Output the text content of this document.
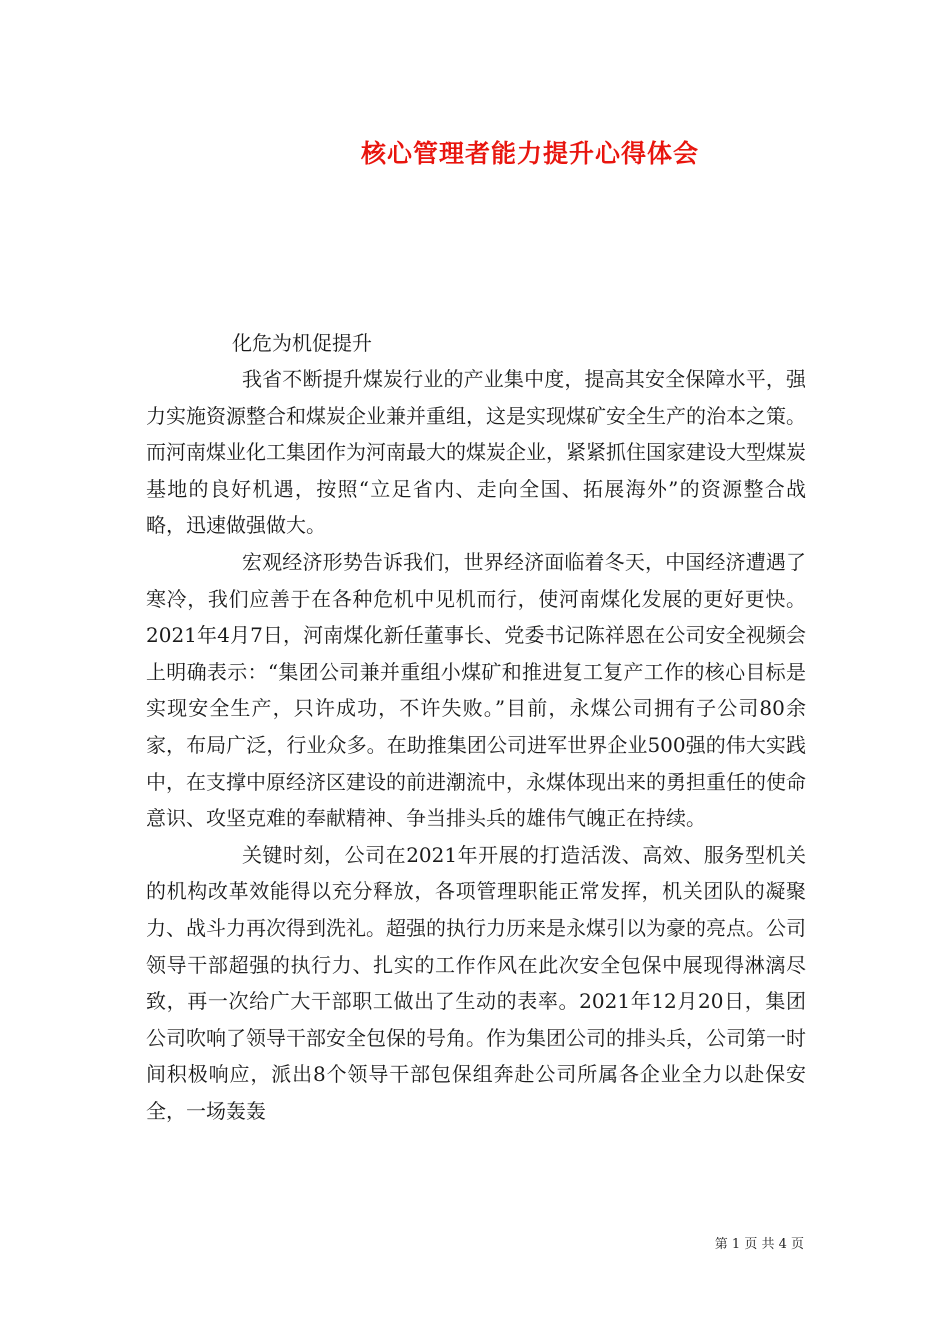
核心管理者能力提升心得体会
化危为机促提升

我省不断提升煤炭行业的产业集中度，提高其安全保障水平，强力实施资源整合和煤炭企业兼并重组，这是实现煤矿安全生产的治本之策。而河南煤业化工集团作为河南最大的煤炭企业，紧紧抓住国家建设大型煤炭基地的良好机遇，按照“立足省内、走向全国、拓展海外”的资源整合战略，迅速做强做大。

宏观经济形势告诉我们，世界经济面临着冬天，中国经济遭遇了寒冷，我们应善于在各种危机中见机而行，使河南煤化发展的更好更快。2021年4月7日，河南煤化新任董事长、党委书记陈祥恩在公司安全视频会上明确表示：“集团公司兼并重组小煤矿和推进复工复产工作的核心目标是实现安全生产，只许成功，不许失败。”目前，永煤公司拥有子公司80余家，布局广泛，行业众多。在助推集团公司进军世界企业500强的伟大实践中，在支撑中原经济区建设的前进潮流中，永煤体现出来的勇担重任的使命意识、攻坚克难的奉献精神、争当排头兵的雄伟气魄正在持续。

关键时刻，公司在2021年开展的打造活泼、高效、服务型机关的机构改革效能得以充分释放，各项管理职能正常发挥，机关团队的凝聚力、战斗力再次得到洗礼。超强的执行力历来是永煤引以为豪的亮点。公司领导干部超强的执行力、扎实的工作作风在此次安全包保中展现得淋漓尽致，再一次给广大干部职工做出了生动的表率。2021年12月20日，集团公司吹响了领导干部安全包保的号角。作为集团公司的排头兵，公司第一时间积极响应，派出8个领导干部包保组奔赴公司所属各企业全力以赴保安全，一场轰轰

第 1 页 共 4 页
